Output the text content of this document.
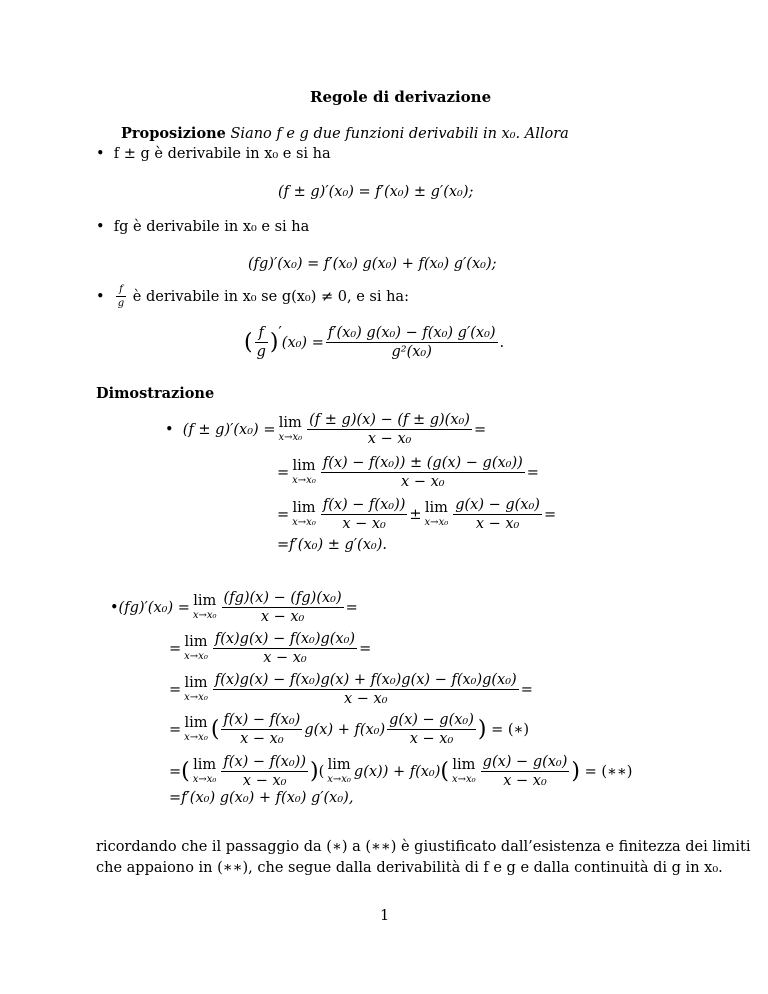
Regole di derivazione
Proposizione Siano f e g due funzioni derivabili in x₀. Allora
• f ± g è derivabile in x₀ e si ha
(f ± g)′(x₀) = f′(x₀) ± g′(x₀);
• fg è derivabile in x₀ e si ha
(fg)′(x₀) = f′(x₀) g(x₀) + f(x₀) g′(x₀);
•
$\frac{f}{g}$
è derivabile in x₀ se g(x₀) ≠ 0, e si ha:
( $\frac{f}{g}$ ) ′
$(x_0) = \frac{\text{f′(x₀) g(x₀) − f(x₀) g′(x₀)}}{\text{g²(x₀)}}$ .
Dimostrazione
•
(f ± g)′(x₀) = lim
$x\to x_0 \frac{\text{(f ± g)(x) − (f ± g)(x₀)}}{\text{x − x₀}}$ =
= lim
$x\to x_0 \frac{\text{f(x) − f(x₀)) ± (g(x) − g(x₀))}}{\text{x − x₀}}$ =
= lim
$x\to x_0 \frac{\text{f(x) − f(x₀))}}{\text{x − x₀}} \pm \lim$
$x\to x_0 \frac{\text{g(x) − g(x₀)}}{\text{x − x₀}}$ =
=f′(x₀) ± g′(x₀).
•(fg)′(x₀) = lim
$x\to x_0 \frac{\text{(fg)(x) − (fg)(x₀)}}{\text{x − x₀}}$ =
= lim
$x\to x_0 \frac{\text{f(x)g(x) − f(x₀)g(x₀)}}{\text{x − x₀}}$ =
= lim
$x\to x_0 \frac{\text{f(x)g(x) − f(x₀)g(x) + f(x₀)g(x) − f(x₀)g(x₀)}}{\text{x − x₀}}$ =
= lim
x→x₀ ( $\frac{\text{f(x) − f(x₀)}}{\text{x − x₀}} g(x) + f(x_0) \frac{\text{g(x) − g(x₀)}}{\text{x − x₀}}$ )
= (∗)
= ( lim
$x\to x_0 \frac{\text{f(x) − f(x₀))}}{\text{x − x₀}}$ ) ( lim
x→x₀ g(x)) + f(x₀) ( lim
$x\to x_0 \frac{\text{g(x) − g(x₀)}}{\text{x − x₀}}$ )
= (∗∗)
=f′(x₀) g(x₀) + f(x₀) g′(x₀),
ricordando che il passaggio da (∗) a (∗∗) è giustificato dall’esistenza e finitezza dei limiti
che appaiono in (∗∗), che segue dalla derivabilità di f e g e dalla continuità di g in x₀.
1
